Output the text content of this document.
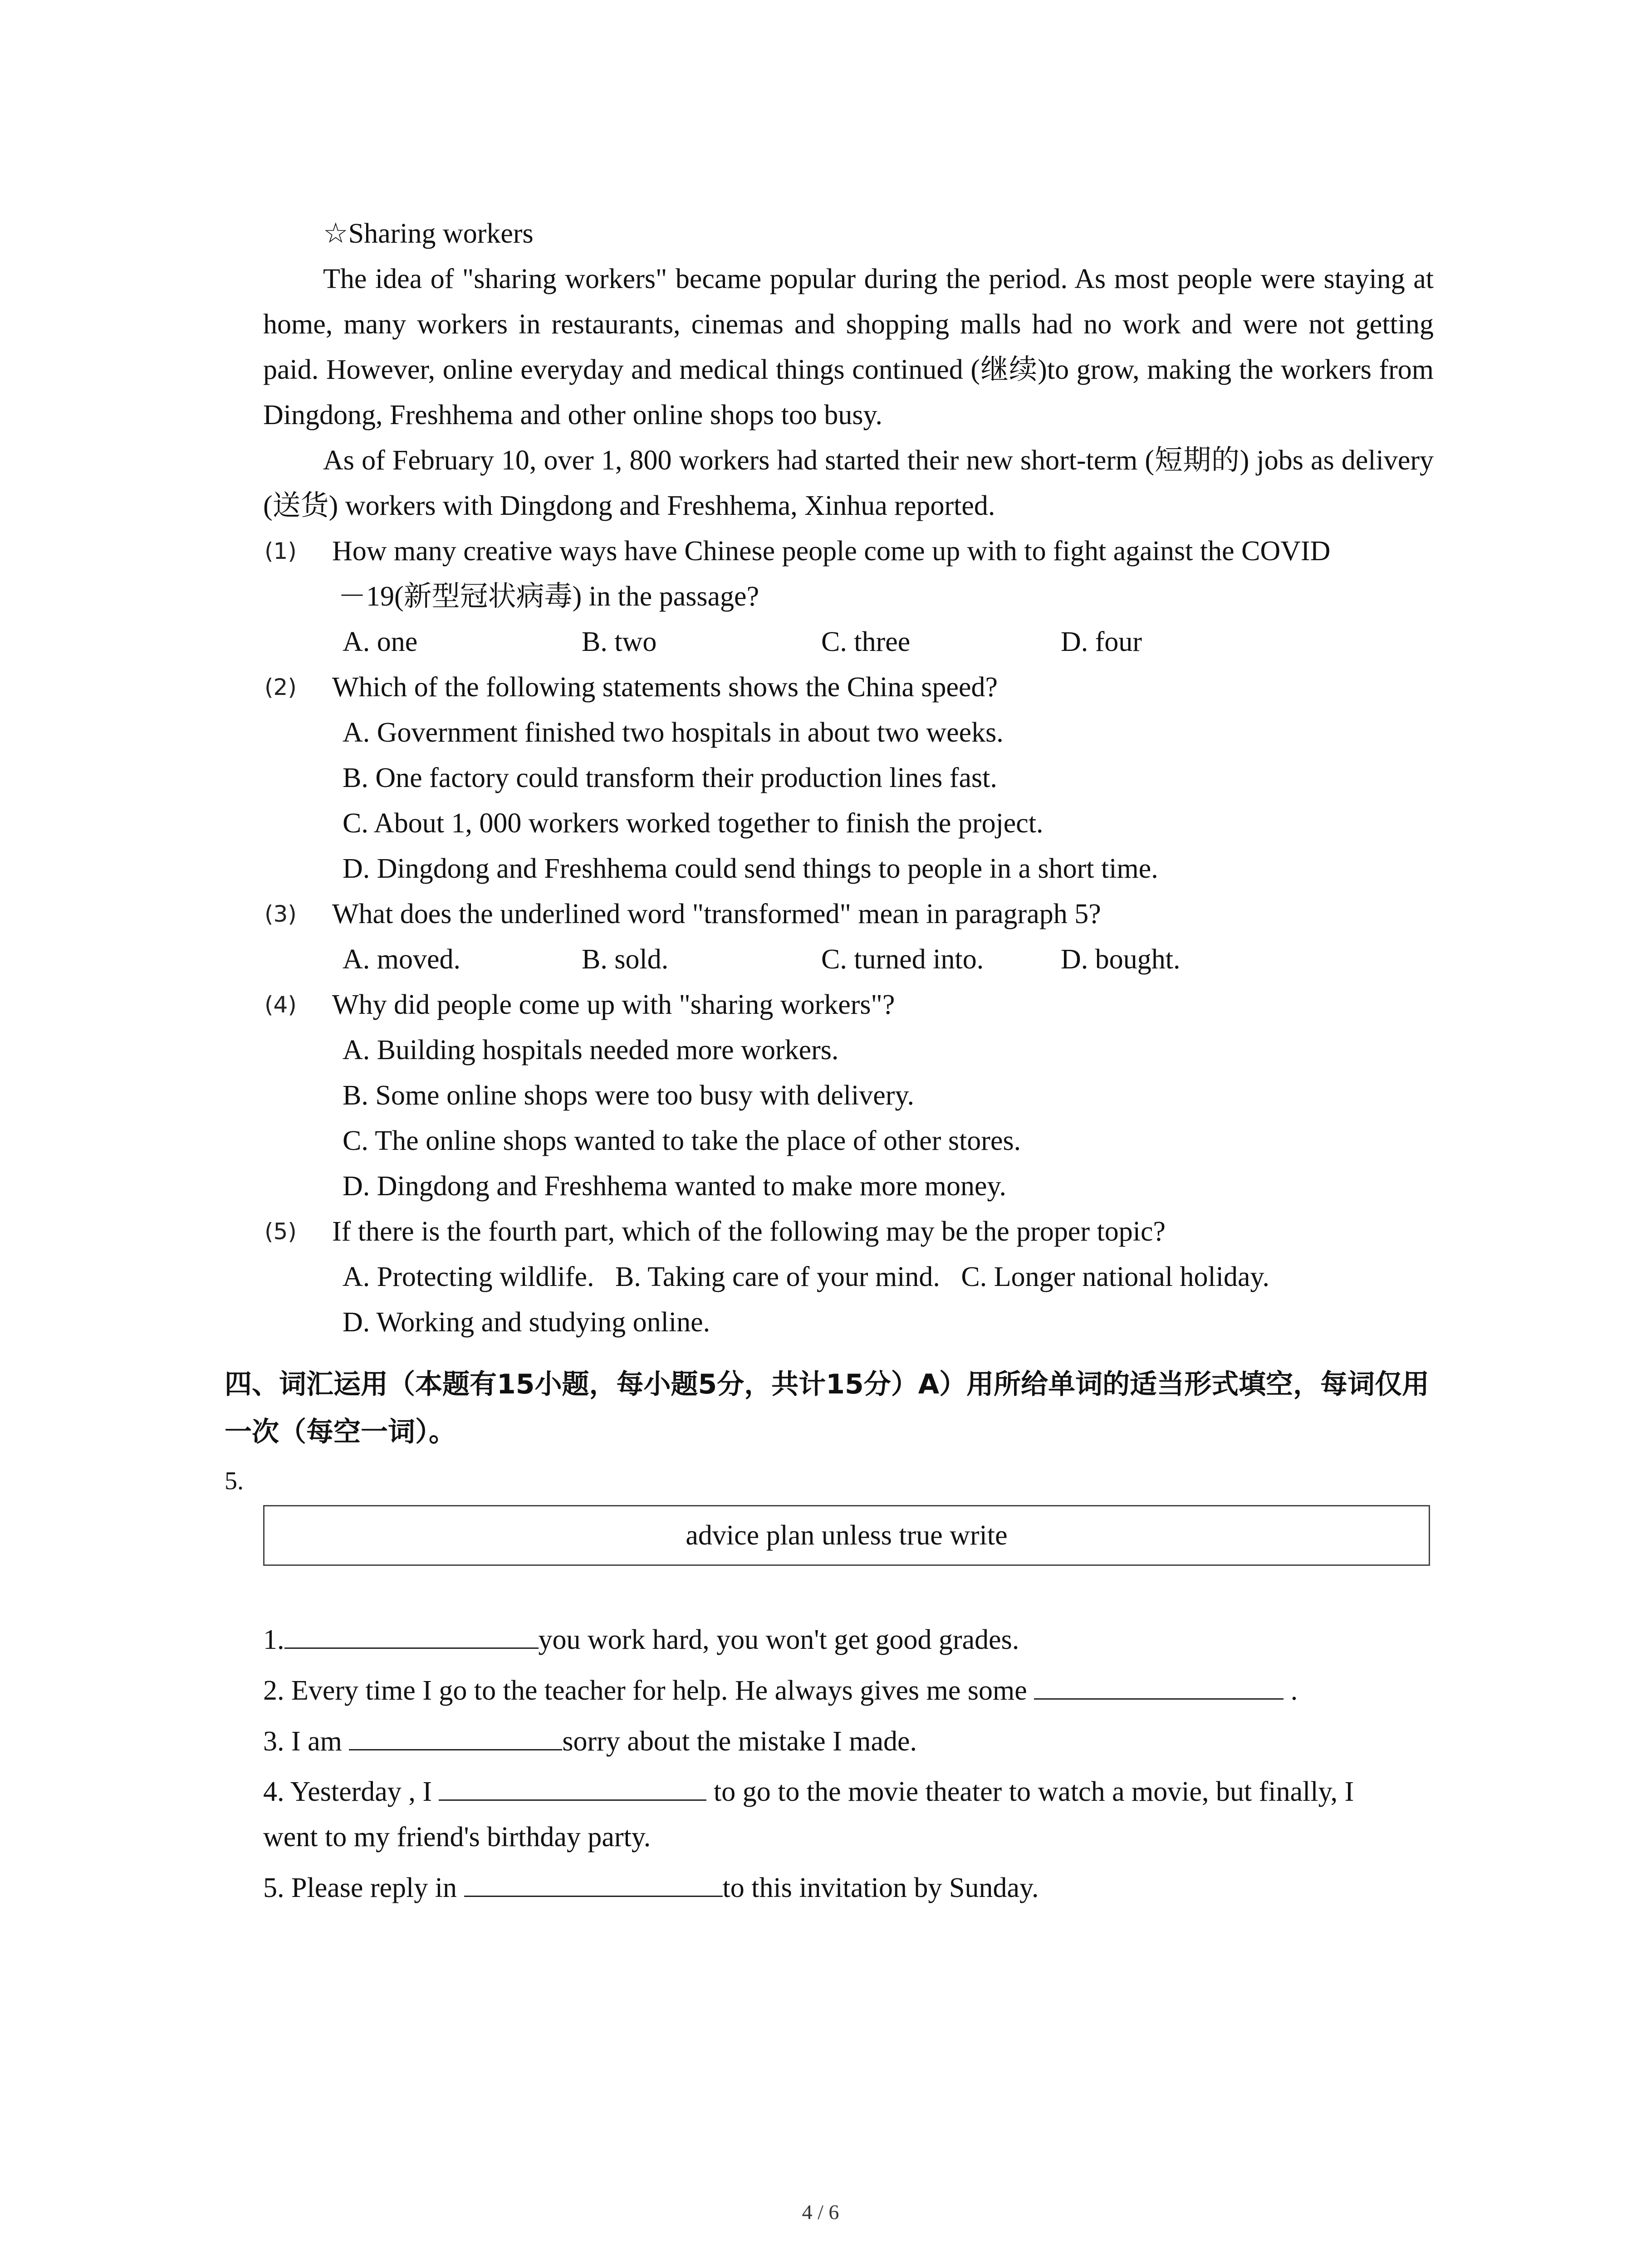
☆Sharing workers
The idea of "sharing workers" became popular during the period. As most people were staying at home, many workers in restaurants, cinemas and shopping malls had no work and were not getting paid. However, online everyday and medical things continued (继续)to grow, making the workers from Dingdong, Freshhema and other online shops too busy.
As of February 10, over 1, 800 workers had started their new short-term (短期的) jobs as delivery (送货) workers with Dingdong and Freshhema, Xinhua reported.
(1) How many creative ways have Chinese people come up with to fight against the COVID
－19(新型冠状病毒) in the passage?
A. one	B. two	C. three	D. four
(2) Which of the following statements shows the China speed?
A. Government finished two hospitals in about two weeks.
B. One factory could transform their production lines fast.
C. About 1, 000 workers worked together to finish the project.
D. Dingdong and Freshhema could send things to people in a short time.
(3) What does the underlined word "transformed" mean in paragraph 5?
A. moved.	B. sold.	C. turned into.	D. bought.
(4) Why did people come up with "sharing workers"?
A. Building hospitals needed more workers.
B. Some online shops were too busy with delivery.
C. The online shops wanted to take the place of other stores.
D. Dingdong and Freshhema wanted to make more money.
(5) If there is the fourth part, which of the following may be the proper topic?
A. Protecting wildlife.   B. Taking care of your mind.   C. Longer national holiday.
D. Working and studying online.
四、词汇运用（本题有15小题，每小题5分，共计15分）A）用所给单词的适当形式填空，每词仅用一次（每空一词）。
5.
advice plan unless true write
1.	you work hard, you won't get good grades.
2. Every time I go to the teacher for help. He always gives me some	.
3. I am	sorry about the mistake I made.
4. Yesterday , I	to go to the movie theater to watch a movie, but finally, I
went to my friend's birthday party.
5. Please reply in	to this invitation by Sunday.
4 / 6
